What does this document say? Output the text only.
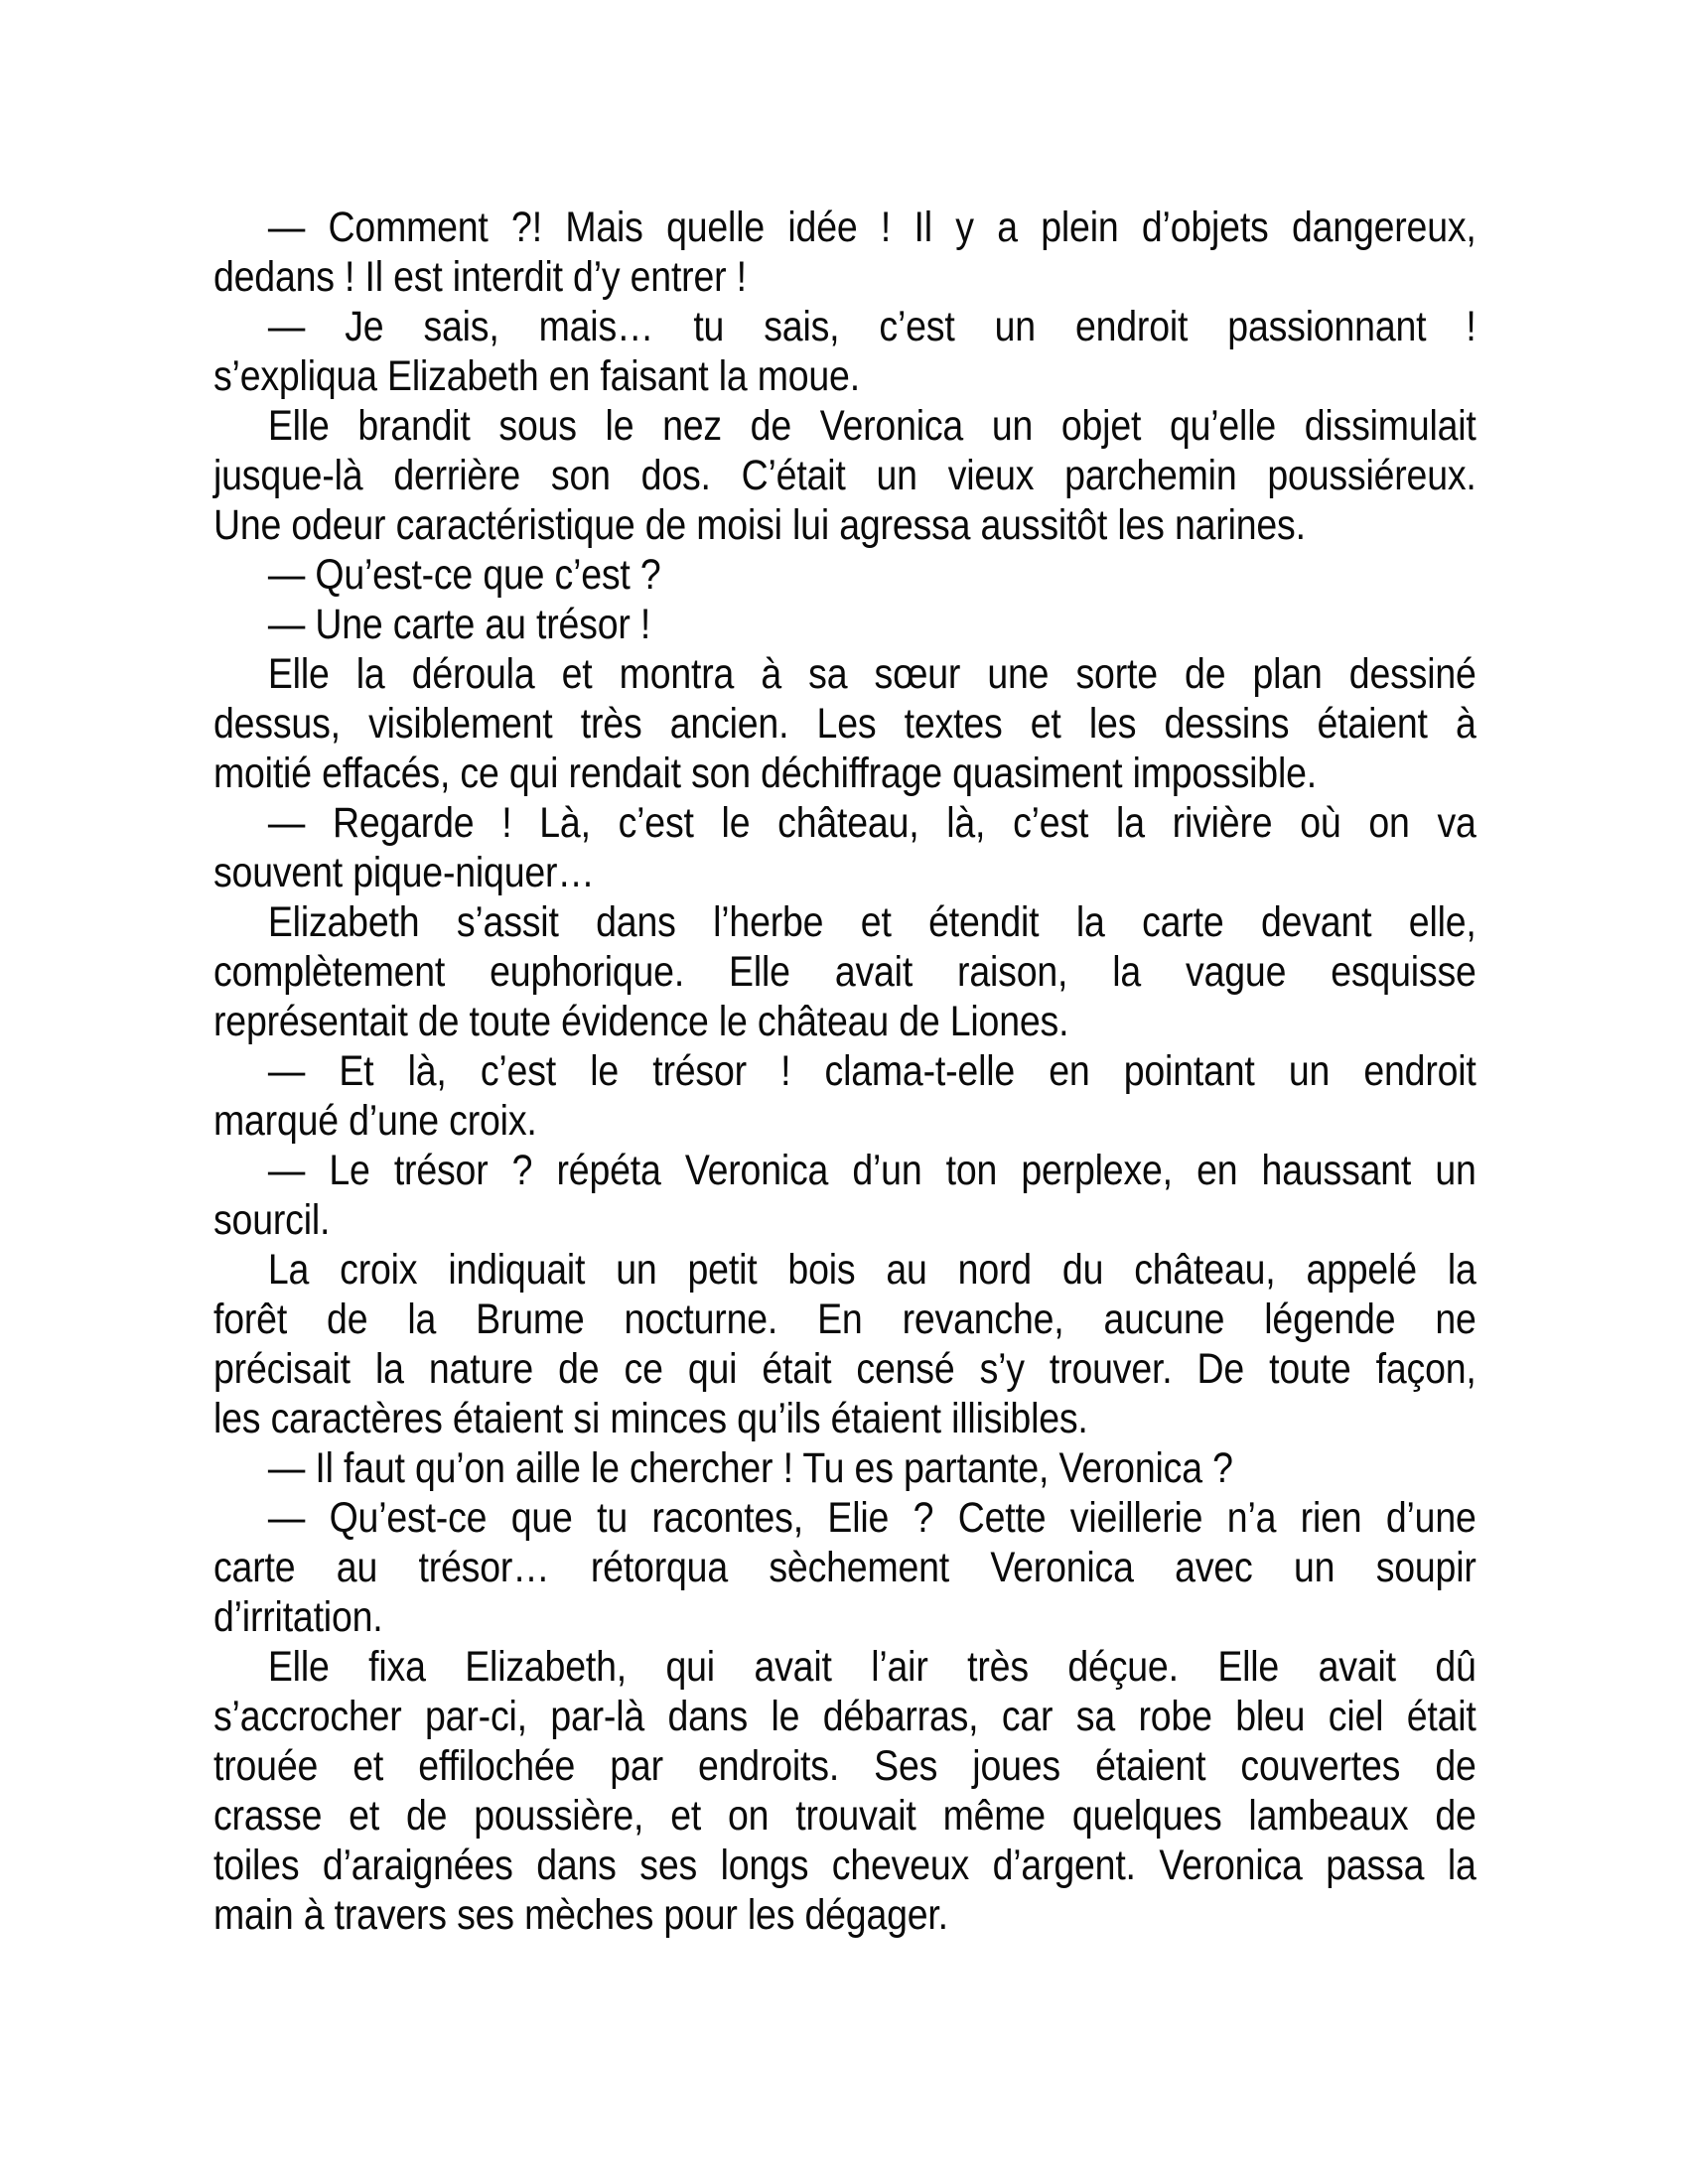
— Comment ?! Mais quelle idée ! Il y a plein d’objets dangereux,
dedans ! Il est interdit d’y entrer !
— Je sais, mais… tu sais, c’est un endroit passionnant !
s’expliqua Elizabeth en faisant la moue.
Elle brandit sous le nez de Veronica un objet qu’elle dissimulait
jusque-là derrière son dos. C’était un vieux parchemin poussiéreux.
Une odeur caractéristique de moisi lui agressa aussitôt les narines.
— Qu’est-ce que c’est ?
— Une carte au trésor !
Elle la déroula et montra à sa sœur une sorte de plan dessiné
dessus, visiblement très ancien. Les textes et les dessins étaient à
moitié effacés, ce qui rendait son déchiffrage quasiment impossible.
— Regarde ! Là, c’est le château, là, c’est la rivière où on va
souvent pique-niquer…
Elizabeth s’assit dans l’herbe et étendit la carte devant elle,
complètement euphorique. Elle avait raison, la vague esquisse
représentait de toute évidence le château de Liones.
— Et là, c’est le trésor ! clama-t-elle en pointant un endroit
marqué d’une croix.
— Le trésor ? répéta Veronica d’un ton perplexe, en haussant un
sourcil.
La croix indiquait un petit bois au nord du château, appelé la
forêt de la Brume nocturne. En revanche, aucune légende ne
précisait la nature de ce qui était censé s’y trouver. De toute façon,
les caractères étaient si minces qu’ils étaient illisibles.
— Il faut qu’on aille le chercher ! Tu es partante, Veronica ?
— Qu’est-ce que tu racontes, Elie ? Cette vieillerie n’a rien d’une
carte au trésor… rétorqua sèchement Veronica avec un soupir
d’irritation.
Elle fixa Elizabeth, qui avait l’air très déçue. Elle avait dû
s’accrocher par-ci, par-là dans le débarras, car sa robe bleu ciel était
trouée et effilochée par endroits. Ses joues étaient couvertes de
crasse et de poussière, et on trouvait même quelques lambeaux de
toiles d’araignées dans ses longs cheveux d’argent. Veronica passa la
main à travers ses mèches pour les dégager.
